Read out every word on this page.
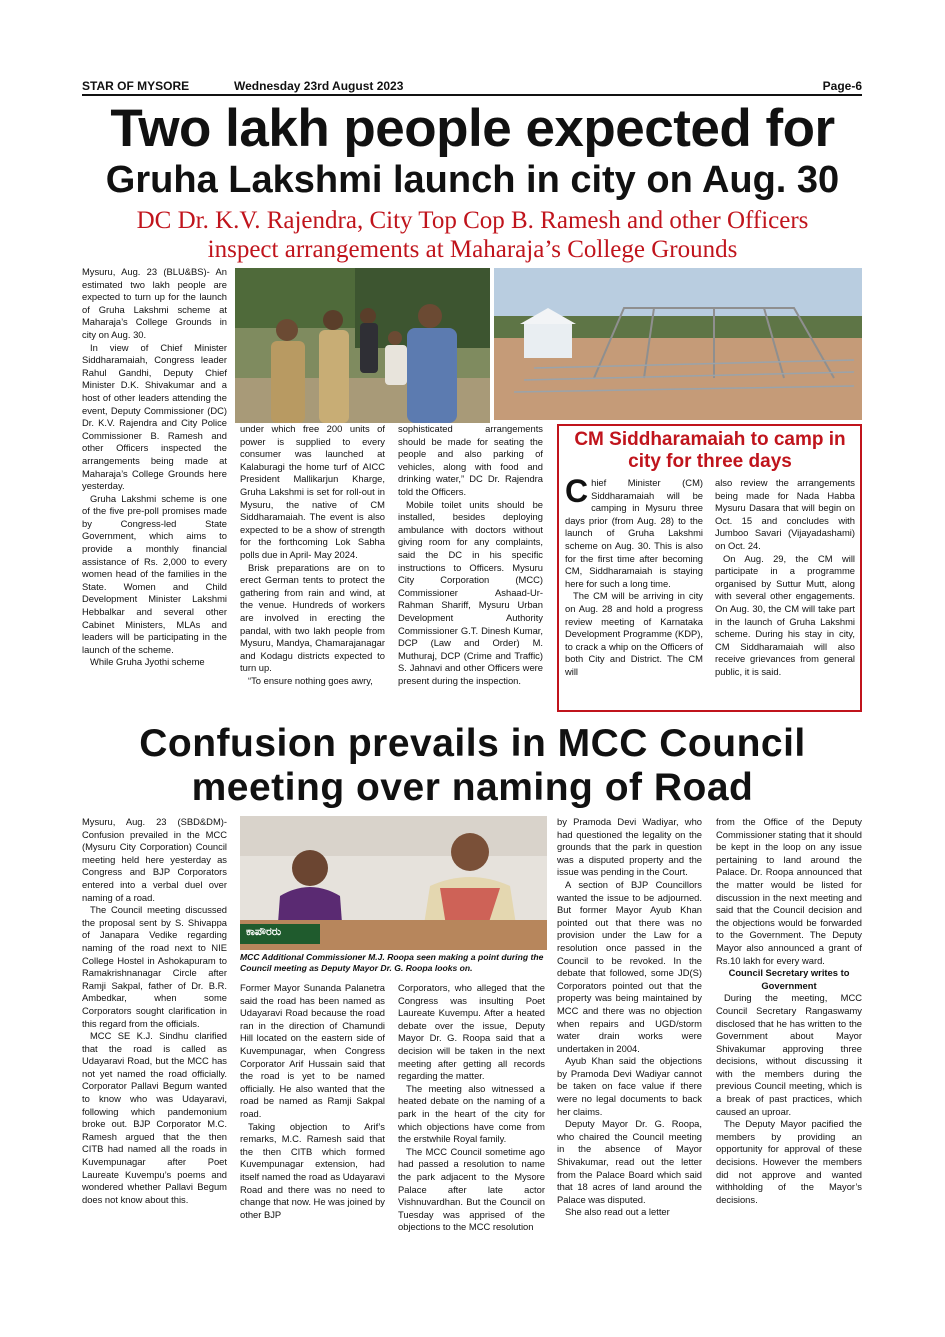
STAR OF MYSORE	Wednesday 23rd August 2023	Page-6
Two lakh people expected for
Gruha Lakshmi launch in city on Aug. 30
DC Dr. K.V. Rajendra, City Top Cop B. Ramesh and other Officers
inspect arrangements at Maharaja’s College Grounds

Mysuru, Aug. 23 (BLU&BS)- An estimated two lakh people are expected to turn up for the launch of Gruha Lakshmi scheme at Maharaja’s College Grounds in city on Aug. 30.

In view of Chief Minister Siddharamaiah, Congress leader Rahul Gandhi, Deputy Chief Minister D.K. Shivakumar and a host of other leaders attending the event, Deputy Commissioner (DC) Dr. K.V. Rajendra and City Police Commissioner B. Ramesh and other Officers inspected the arrangements being made at Maharaja’s College Grounds here yesterday.

Gruha Lakshmi scheme is one of the five pre-poll promises made by Congress-led State Government, which aims to provide a monthly financial assistance of Rs. 2,000 to every women head of the families in the State. Women and Child Development Minister Lakshmi Hebbalkar and several other Cabinet Ministers, MLAs and leaders will be participating in the launch of the scheme.

While Gruha Jyothi scheme

under which free 200 units of power is supplied to every consumer was launched at Kalaburagi the home turf of AICC President Mallikarjun Kharge, Gruha Lakshmi is set for roll-out in Mysuru, the native of CM Siddharamaiah. The event is also expected to be a show of strength for the forthcoming Lok Sabha polls due in April- May 2024.

Brisk preparations are on to erect German tents to protect the gathering from rain and wind, at the venue. Hundreds of workers are involved in erecting the pandal, with two lakh people from Mysuru, Mandya, Chamarajanagar and Kodagu districts expected to turn up.

“To ensure nothing goes awry,

sophisticated arrangements should be made for seating the people and also parking of vehicles, along with food and drinking water,” DC Dr. Rajendra told the Officers.

Mobile toilet units should be installed, besides deploying ambulance with doctors without giving room for any complaints, said the DC in his specific instructions to Officers. Mysuru City Corporation (MCC) Commissioner Ashaad-Ur-Rahman Shariff, Mysuru Urban Development Authority Commissioner G.T. Dinesh Kumar, DCP (Law and Order) M. Muthuraj, DCP (Crime and Traffic) S. Jahnavi and other Officers were present during the inspection.

CM Siddharamaiah to camp in city for three days

Chief Minister (CM) Siddharamaiah will be camping in Mysuru three days prior (from Aug. 28) to the launch of Gruha Lakshmi scheme on Aug. 30. This is also for the first time after becoming CM, Siddharamaiah is staying here for such a long time.

The CM will be arriving in city on Aug. 28 and hold a progress review meeting of Karnataka Development Programme (KDP), to crack a whip on the Officers of both City and District. The CM will

also review the arrangements being made for Nada Habba Mysuru Dasara that will begin on Oct. 15 and concludes with Jumboo Savari (Vijayadashami) on Oct. 24.

On Aug. 29, the CM will participate in a programme organised by Suttur Mutt, along with several other engagements. On Aug. 30, the CM will take part in the launch of Gruha Lakshmi scheme. During his stay in city, CM Siddharamaiah will also receive grievances from general public, it is said.

Confusion prevails in MCC Council
meeting over naming of Road

Mysuru, Aug. 23 (SBD&DM)- Confusion prevailed in the MCC (Mysuru City Corporation) Council meeting held here yesterday as Congress and BJP Corporators entered into a verbal duel over naming of a road.

The Council meeting discussed the proposal sent by S. Shivappa of Janapara Vedike regarding naming of the road next to NIE College Hostel in Ashokapuram to Ramakrishnanagar Circle after Ramji Sakpal, father of Dr. B.R. Ambedkar, when some Corporators sought clarification in this regard from the officials.

MCC SE K.J. Sindhu clarified that the road is called as Udayaravi Road, but the MCC has not yet named the road officially. Corporator Pallavi Begum wanted to know who was Udayaravi, following which pandemonium broke out. BJP Corporator M.C. Ramesh argued that the then CITB had named all the roads in Kuvempunagar after Poet Laureate Kuvempu’s poems and wondered whether Pallavi Begum does not know about this.

ಕಾಪೌರರು
MCC Additional Commissioner M.J. Roopa seen making a point during the Council meeting as Deputy Mayor Dr. G. Roopa looks on.

Former Mayor Sunanda Palanetra said the road has been named as Udayaravi Road because the road ran in the direction of Chamundi Hill located on the eastern side of Kuvempunagar, when Congress Corporator Arif Hussain said that the road is yet to be named officially. He also wanted that the road be named as Ramji Sakpal road.

Taking objection to Arif’s remarks, M.C. Ramesh said that the then CITB which formed Kuvempunagar extension, had itself named the road as Udayaravi Road and there was no need to change that now. He was joined by other BJP

Corporators, who alleged that the Congress was insulting Poet Laureate Kuvempu. After a heated debate over the issue, Deputy Mayor Dr. G. Roopa said that a decision will be taken in the next meeting after getting all records regarding the matter.

The meeting also witnessed a heated debate on the naming of a park in the heart of the city for which objections have come from the erstwhile Royal family.

The MCC Council sometime ago had passed a resolution to name the park adjacent to the Mysore Palace after late actor Vishnuvardhan. But the Council on Tuesday was apprised of the objections to the MCC resolution

by Pramoda Devi Wadiyar, who had questioned the legality on the grounds that the park in question was a disputed property and the issue was pending in the Court.

A section of BJP Councillors wanted the issue to be adjourned. But former Mayor Ayub Khan pointed out that there was no provision under the Law for a resolution once passed in the Council to be revoked. In the debate that followed, some JD(S) Corporators pointed out that the property was being maintained by MCC and there was no objection when repairs and UGD/storm water drain works were undertaken in 2004.

Ayub Khan said the objections by Pramoda Devi Wadiyar cannot be taken on face value if there were no legal documents to back her claims.

Deputy Mayor Dr. G. Roopa, who chaired the Council meeting in the absence of Mayor Shivakumar, read out the letter from the Palace Board which said that 18 acres of land around the Palace was disputed.

She also read out a letter

from the Office of the Deputy Commissioner stating that it should be kept in the loop on any issue pertaining to land around the Palace. Dr. Roopa announced that the matter would be listed for discussion in the next meeting and said that the Council decision and the objections would be forwarded to the Government. The Deputy Mayor also announced a grant of Rs.10 lakh for every ward.

Council Secretary writes to Government

During the meeting, MCC Council Secretary Rangaswamy disclosed that he has written to the Government about Mayor Shivakumar approving three decisions, without discussing it with the members during the previous Council meeting, which is a break of past practices, which caused an uproar.

The Deputy Mayor pacified the members by providing an opportunity for approval of these decisions. However the members did not approve and wanted withholding of the Mayor’s decisions.
